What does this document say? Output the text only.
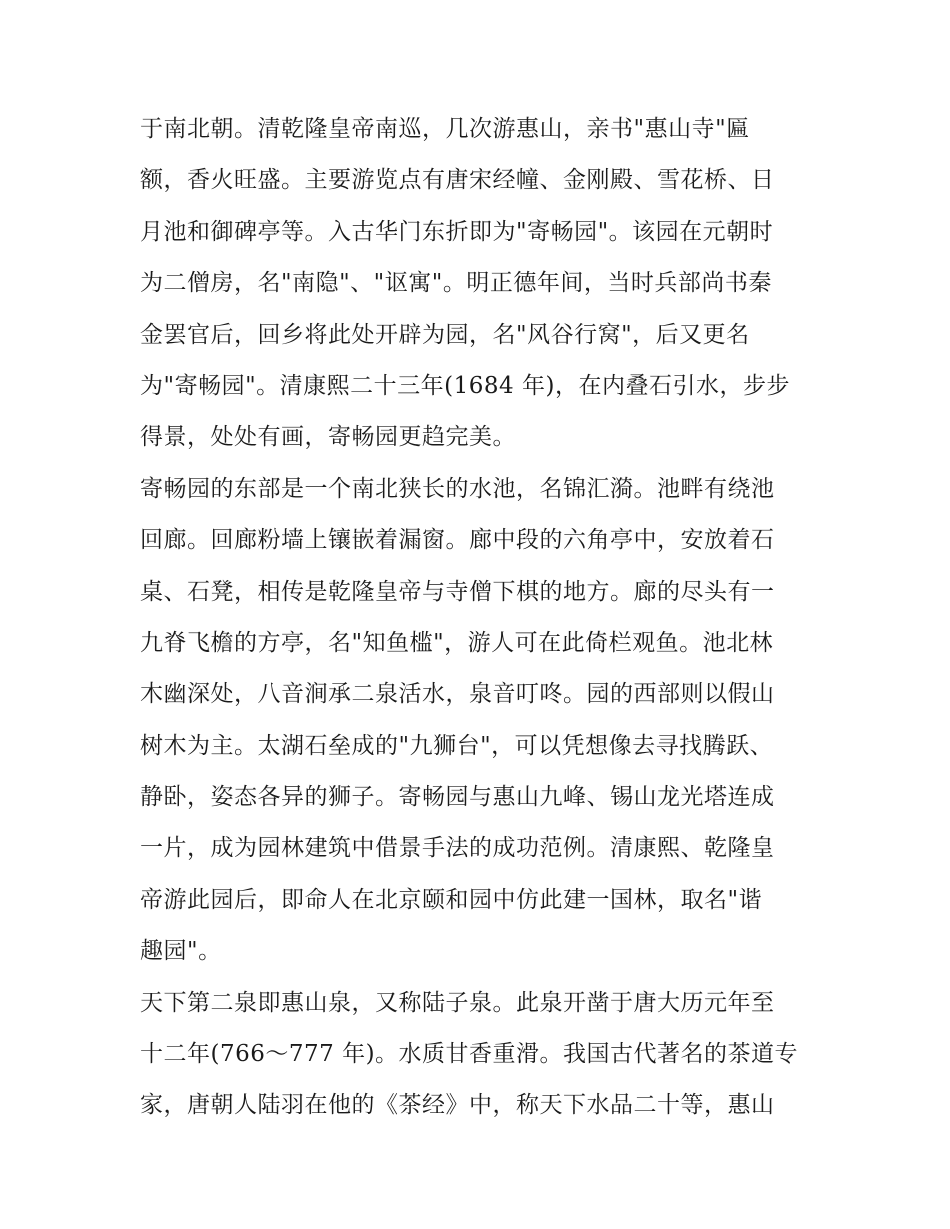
于南北朝。清乾隆皇帝南巡，几次游惠山，亲书"惠山寺"匾
额，香火旺盛。主要游览点有唐宋经幢、金刚殿、雪花桥、日
月池和御碑亭等。入古华门东折即为"寄畅园"。该园在元朝时
为二僧房，名"南隐"、"讴寓"。明正德年间，当时兵部尚书秦
金罢官后，回乡将此处开辟为园，名"风谷行窝"，后又更名
为"寄畅园"。清康熙二十三年(1684 年)，在内叠石引水，步步
得景，处处有画，寄畅园更趋完美。
寄畅园的东部是一个南北狭长的水池，名锦汇漪。池畔有绕池
回廊。回廊粉墙上镶嵌着漏窗。廊中段的六角亭中，安放着石
桌、石凳，相传是乾隆皇帝与寺僧下棋的地方。廊的尽头有一
九脊飞檐的方亭，名"知鱼槛"，游人可在此倚栏观鱼。池北林
木幽深处，八音涧承二泉活水，泉音叮咚。园的西部则以假山
树木为主。太湖石垒成的"九狮台"，可以凭想像去寻找腾跃、
静卧，姿态各异的狮子。寄畅园与惠山九峰、锡山龙光塔连成
一片，成为园林建筑中借景手法的成功范例。清康熙、乾隆皇
帝游此园后，即命人在北京颐和园中仿此建一国林，取名"谐
趣园"。
天下第二泉即惠山泉，又称陆子泉。此泉开凿于唐大历元年至
十二年(766～777 年)。水质甘香重滑。我国古代著名的茶道专
家，唐朝人陆羽在他的《茶经》中，称天下水品二十等，惠山
